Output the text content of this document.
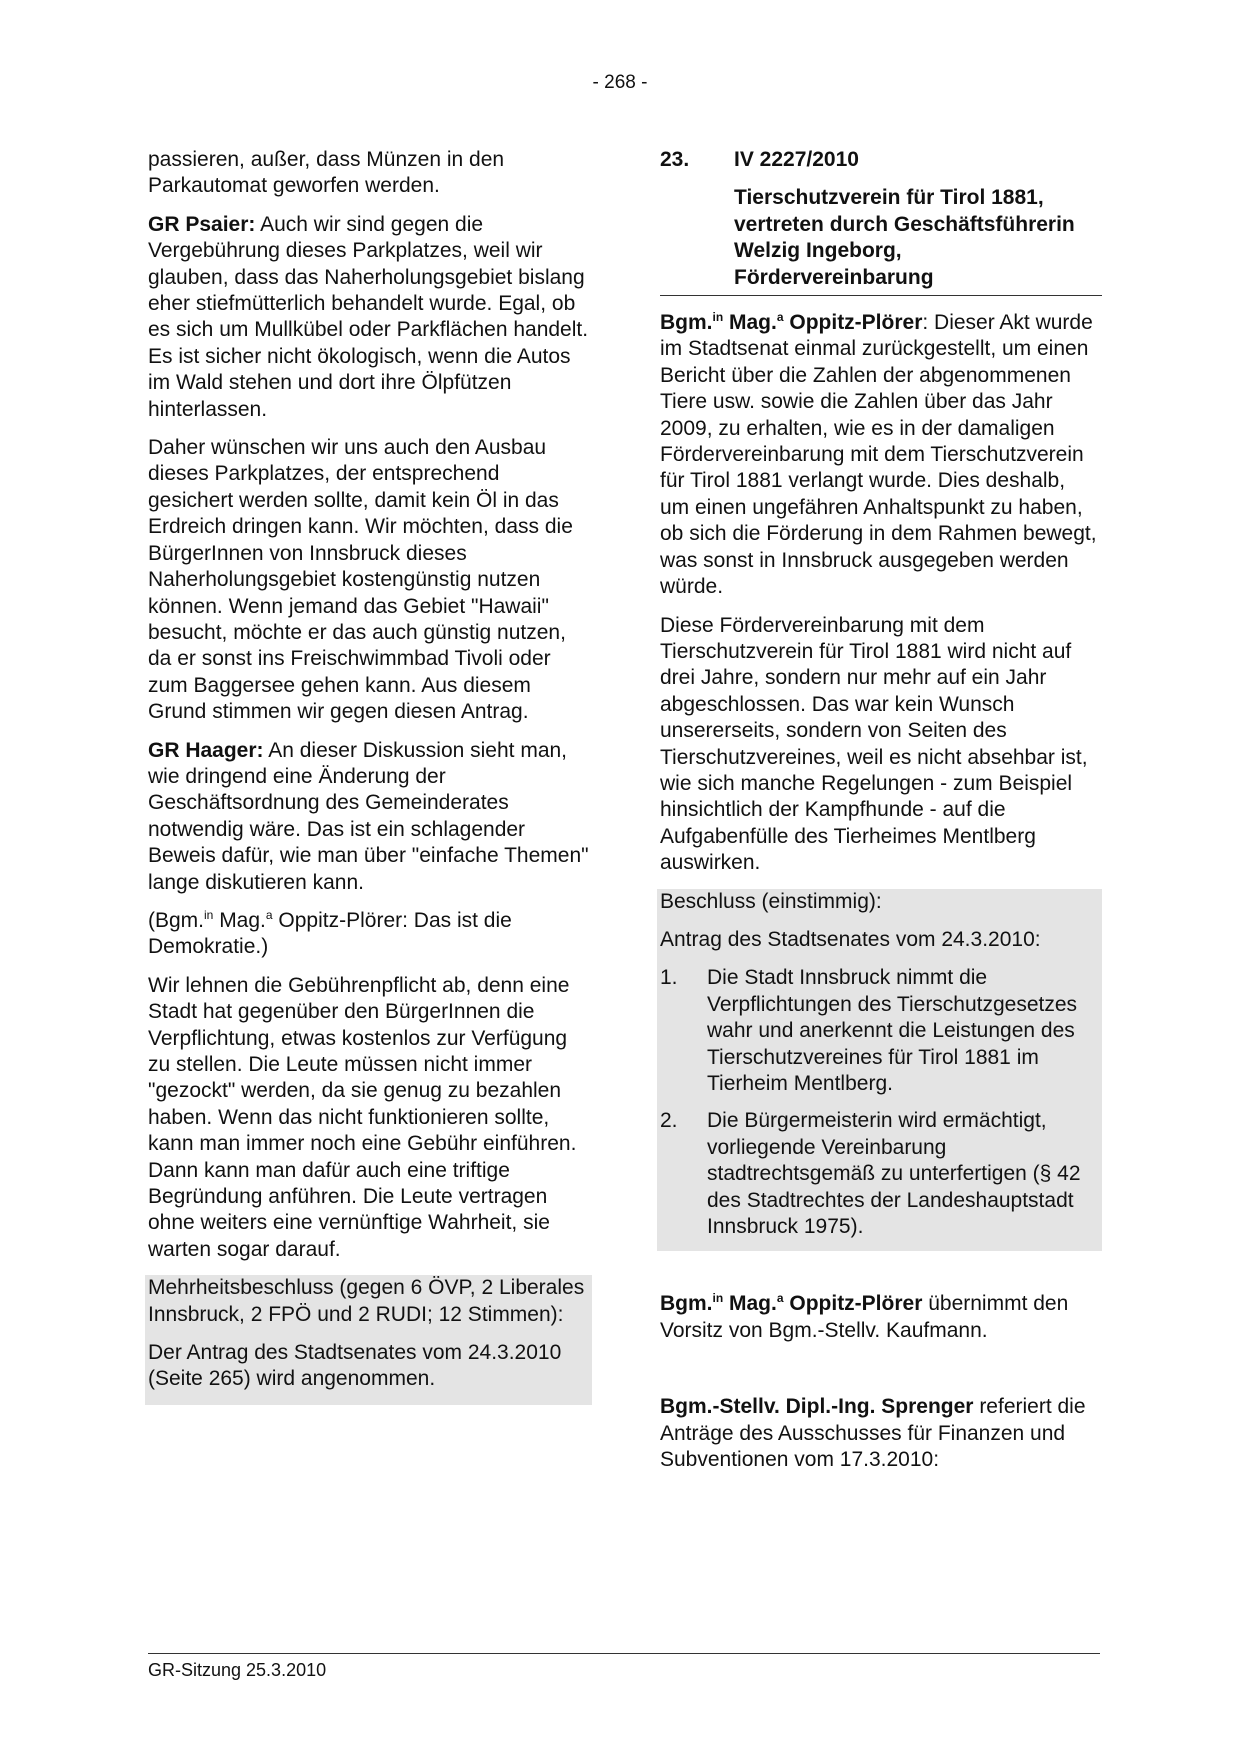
- 268 -

passieren, außer, dass Münzen in den Parkautomat geworfen werden.

GR Psaier: Auch wir sind gegen die Vergebührung dieses Parkplatzes, weil wir glauben, dass das Naherholungsgebiet bislang eher stiefmütterlich behandelt wurde. Egal, ob es sich um Mullkübel oder Parkflächen handelt. Es ist sicher nicht ökologisch, wenn die Autos im Wald stehen und dort ihre Ölpfützen hinterlassen.

Daher wünschen wir uns auch den Ausbau dieses Parkplatzes, der entsprechend gesichert werden sollte, damit kein Öl in das Erdreich dringen kann. Wir möchten, dass die BürgerInnen von Innsbruck dieses Naherholungsgebiet kostengünstig nutzen können. Wenn jemand das Gebiet "Hawaii" besucht, möchte er das auch günstig nutzen, da er sonst ins Freischwimmbad Tivoli oder zum Baggersee gehen kann. Aus diesem Grund stimmen wir gegen diesen Antrag.

GR Haager: An dieser Diskussion sieht man, wie dringend eine Änderung der Geschäftsordnung des Gemeinderates notwendig wäre. Das ist ein schlagender Beweis dafür, wie man über "einfache Themen" lange diskutieren kann.

(Bgm.$^{in}$ Mag.$^a$ Oppitz-Plörer: Das ist die Demokratie.)

Wir lehnen die Gebührenpflicht ab, denn eine Stadt hat gegenüber den BürgerInnen die Verpflichtung, etwas kostenlos zur Verfügung zu stellen. Die Leute müssen nicht immer "gezockt" werden, da sie genug zu bezahlen haben. Wenn das nicht funktionieren sollte, kann man immer noch eine Gebühr einführen. Dann kann man dafür auch eine triftige Begründung anführen. Die Leute vertragen ohne weiters eine vernünftige Wahrheit, sie warten sogar darauf.

Mehrheitsbeschluss (gegen 6 ÖVP, 2 Liberales Innsbruck, 2 FPÖ und 2 RUDI; 12 Stimmen):

Der Antrag des Stadtsenates vom 24.3.2010 (Seite 265) wird angenommen.

23.	IV 2227/2010
Tierschutzverein für Tirol 1881, vertreten durch Geschäftsführerin Welzig Ingeborg, Fördervereinbarung

Bgm.$^{in}$ Mag.$^a$ Oppitz-Plörer: Dieser Akt wurde im Stadtsenat einmal zurückgestellt, um einen Bericht über die Zahlen der abgenommenen Tiere usw. sowie die Zahlen über das Jahr 2009, zu erhalten, wie es in der damaligen Fördervereinbarung mit dem Tierschutzverein für Tirol 1881 verlangt wurde. Dies deshalb, um einen ungefähren Anhaltspunkt zu haben, ob sich die Förderung in dem Rahmen bewegt, was sonst in Innsbruck ausgegeben werden würde.

Diese Fördervereinbarung mit dem Tierschutzverein für Tirol 1881 wird nicht auf drei Jahre, sondern nur mehr auf ein Jahr abgeschlossen. Das war kein Wunsch unsererseits, sondern von Seiten des Tierschutzvereines, weil es nicht absehbar ist, wie sich manche Regelungen - zum Beispiel hinsichtlich der Kampfhunde - auf die Aufgabenfülle des Tierheimes Mentlberg auswirken.

Beschluss (einstimmig):

Antrag des Stadtsenates vom 24.3.2010:

1.	Die Stadt Innsbruck nimmt die Verpflichtungen des Tierschutzgesetzes wahr und anerkennt die Leistungen des Tierschutzvereines für Tirol 1881 im Tierheim Mentlberg.
2.	Die Bürgermeisterin wird ermächtigt, vorliegende Vereinbarung stadtrechtsgemäß zu unterfertigen (§ 42 des Stadtrechtes der Landeshauptstadt Innsbruck 1975).

Bgm.$^{in}$ Mag.$^a$ Oppitz-Plörer übernimmt den Vorsitz von Bgm.-Stellv. Kaufmann.

Bgm.-Stellv. Dipl.-Ing. Sprenger referiert die Anträge des Ausschusses für Finanzen und Subventionen vom 17.3.2010:

GR-Sitzung 25.3.2010
